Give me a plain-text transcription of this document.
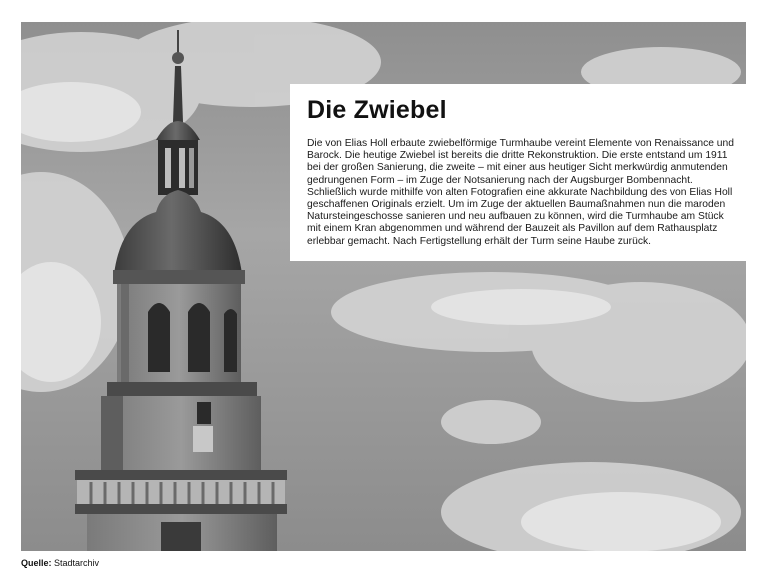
Die Zwiebel

Die von Elias Holl erbaute zwiebelförmige Turmhaube vereint Elemente von Renaissance und Barock. Die heutige Zwiebel ist bereits die dritte Rekonstruktion. Die erste entstand um 1911 bei der großen Sanierung, die zweite – mit einer aus heutiger Sicht merkwürdig anmutenden gedrungenen Form – im Zuge der Notsanierung nach der Augsburger Bombennacht. Schließlich wurde mithilfe von alten Fotografien eine akkurate Nachbildung des von Elias Holl geschaffenen Originals erzielt. Um im Zuge der aktuellen Baumaßnahmen nun die maroden Natursteingeschosse sanieren und neu aufbauen zu können, wird die Turmhaube am Stück mit einem Kran abgenommen und während der Bauzeit als Pavillon auf dem Rathausplatz erlebbar gemacht. Nach Fertigstellung erhält der Turm seine Haube zurück.

Quelle: Stadtarchiv
